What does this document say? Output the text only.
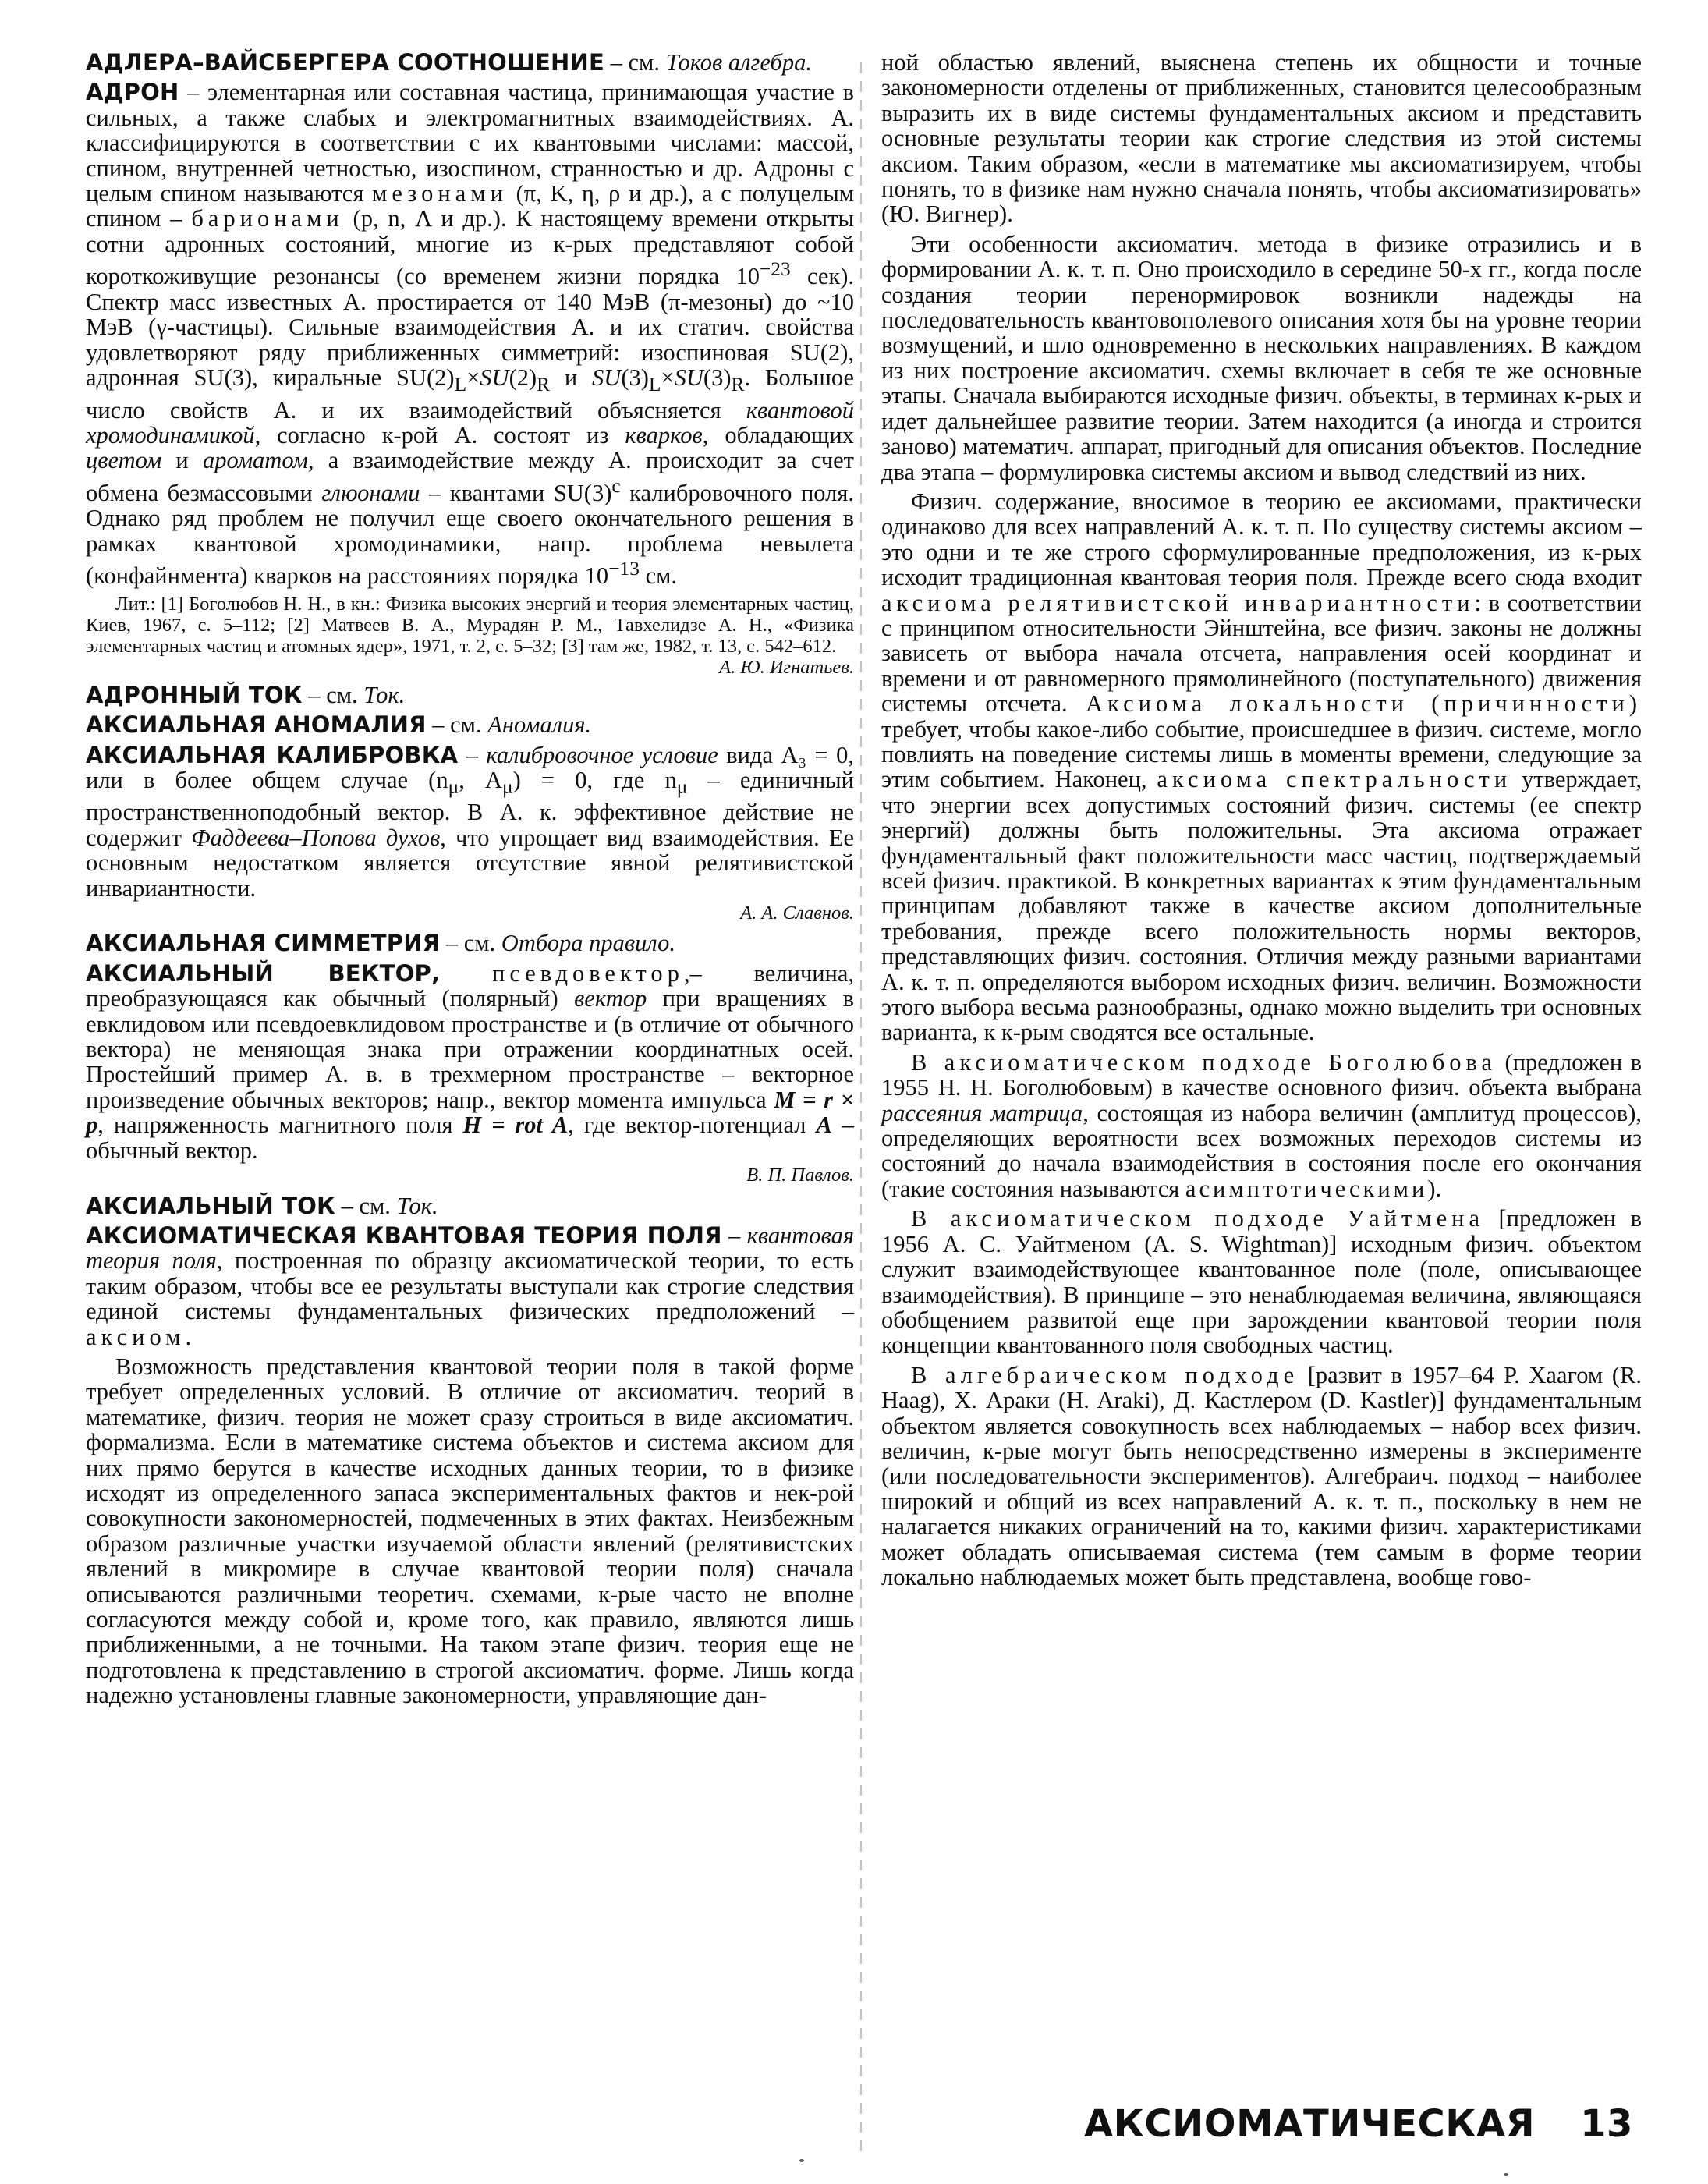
АДЛЕРА–ВАЙСБЕРГЕРА СООТНОШЕНИЕ – см. Токов алгебра.

АДРОН – элементарная или составная частица, принимающая участие в сильных, а также слабых и электромагнитных взаимодействиях. А. классифицируются в соответствии с их квантовыми числами: массой, спином, внутренней четностью, изоспином, странностью и др. Адроны с целым спином называются мезонами (π, K, η, ρ и др.), а с полуцелым спином – барионами (p, n, Λ и др.). К настоящему времени открыты сотни адронных состояний, многие из к-рых представляют собой короткоживущие резонансы (со временем жизни порядка $10^{-23}$ сек). Спектр масс известных А. простирается от 140 МэВ (π-мезоны) до ~10 МэВ (γ-частицы). Сильные взаимодействия А. и их статич. свойства удовлетворяют ряду приближенных симметрий: изоспиновая SU(2), адронная SU(3), киральные $SU(2)_L\times SU(2)_R$ и $SU(3)_L\times SU(3)_R$. Большое число свойств А. и их взаимодействий объясняется квантовой хромодинамикой, согласно к-рой А. состоят из кварков, обладающих цветом и ароматом, а взаимодействие между А. происходит за счет обмена безмассовыми глюонами – квантами $SU(3)^c$ калибровочного поля. Однако ряд проблем не получил еще своего окончательного решения в рамках квантовой хромодинамики, напр. проблема невылета (конфайнмента) кварков на расстояниях порядка $10^{-13}$ см.

Лит.: [1] Боголюбов Н. Н., в кн.: Физика высоких энергий и теория элементарных частиц, Киев, 1967, с. 5–112; [2] Матвеев В. А., Мурадян Р. М., Тавхелидзе А. Н., «Физика элементарных частиц и атомных ядер», 1971, т. 2, с. 5–32; [3] там же, 1982, т. 13, с. 542–612.
А. Ю. Игнатьев.

АДРОННЫЙ ТОК – см. Ток.

АКСИАЛЬНАЯ АНОМАЛИЯ – см. Аномалия.

АКСИАЛЬНАЯ КАЛИБРОВКА – калибровочное условие вида A₃ = 0, или в более общем случае ($n_\mu$, $A_\mu) = 0$, где $n_\mu$ – единичный пространственноподобный вектор. В А. к. эффективное действие не содержит Фаддеева–Попова духов, что упрощает вид взаимодействия. Ее основным недостатком является отсутствие явной релятивистской инвариантности.
А. А. Славнов.

АКСИАЛЬНАЯ СИММЕТРИЯ – см. Отбора правило.

АКСИАЛЬНЫЙ ВЕКТОР, псевдовектор,– величина, преобразующаяся как обычный (полярный) вектор при вращениях в евклидовом или псевдоевклидовом пространстве и (в отличие от обычного вектора) не меняющая знака при отражении координатных осей. Простейший пример А. в. в трехмерном пространстве – векторное произведение обычных векторов; напр., вектор момента импульса M = r × p, напряженность магнитного поля H = rot A, где вектор-потенциал A – обычный вектор.
В. П. Павлов.

АКСИАЛЬНЫЙ ТОК – см. Ток.

АКСИОМАТИЧЕСКАЯ КВАНТОВАЯ ТЕОРИЯ ПОЛЯ – квантовая теория поля, построенная по образцу аксиоматической теории, то есть таким образом, чтобы все ее результаты выступали как строгие следствия единой системы фундаментальных физических предположений – аксиом.

Возможность представления квантовой теории поля в такой форме требует определенных условий. В отличие от аксиоматич. теорий в математике, физич. теория не может сразу строиться в виде аксиоматич. формализма. Если в математике система объектов и система аксиом для них прямо берутся в качестве исходных данных теории, то в физике исходят из определенного запаса экспериментальных фактов и нек-рой совокупности закономерностей, подмеченных в этих фактах. Неизбежным образом различные участки изучаемой области явлений (релятивистских явлений в микромире в случае квантовой теории поля) сначала описываются различными теоретич. схемами, к-рые часто не вполне согласуются между собой и, кроме того, как правило, являются лишь приближенными, а не точными. На таком этапе физич. теория еще не подготовлена к представлению в строгой аксиоматич. форме. Лишь когда надежно установлены главные закономерности, управляющие дан-

ной областью явлений, выяснена степень их общности и точные закономерности отделены от приближенных, становится целесообразным выразить их в виде системы фундаментальных аксиом и представить основные результаты теории как строгие следствия из этой системы аксиом. Таким образом, «если в математике мы аксиоматизируем, чтобы понять, то в физике нам нужно сначала понять, чтобы аксиоматизировать» (Ю. Вигнер).

Эти особенности аксиоматич. метода в физике отразились и в формировании А. к. т. п. Оно происходило в середине 50-х гг., когда после создания теории перенормировок возникли надежды на последовательность квантовополевого описания хотя бы на уровне теории возмущений, и шло одновременно в нескольких направлениях. В каждом из них построение аксиоматич. схемы включает в себя те же основные этапы. Сначала выбираются исходные физич. объекты, в терминах к-рых и идет дальнейшее развитие теории. Затем находится (а иногда и строится заново) математич. аппарат, пригодный для описания объектов. Последние два этапа – формулировка системы аксиом и вывод следствий из них.

Физич. содержание, вносимое в теорию ее аксиомами, практически одинаково для всех направлений А. к. т. п. По существу системы аксиом – это одни и те же строго сформулированные предположения, из к-рых исходит традиционная квантовая теория поля. Прежде всего сюда входит аксиома релятивистской инвариантности: в соответствии с принципом относительности Эйнштейна, все физич. законы не должны зависеть от выбора начала отсчета, направления осей координат и времени и от равномерного прямолинейного (поступательного) движения системы отсчета. Аксиома локальности (причинности) требует, чтобы какое-либо событие, происшедшее в физич. системе, могло повлиять на поведение системы лишь в моменты времени, следующие за этим событием. Наконец, аксиома спектральности утверждает, что энергии всех допустимых состояний физич. системы (ее спектр энергий) должны быть положительны. Эта аксиома отражает фундаментальный факт положительности масс частиц, подтверждаемый всей физич. практикой. В конкретных вариантах к этим фундаментальным принципам добавляют также в качестве аксиом дополнительные требования, прежде всего положительность нормы векторов, представляющих физич. состояния. Отличия между разными вариантами А. к. т. п. определяются выбором исходных физич. величин. Возможности этого выбора весьма разнообразны, однако можно выделить три основных варианта, к к-рым сводятся все остальные.

В аксиоматическом подходе Боголюбова (предложен в 1955 Н. Н. Боголюбовым) в качестве основного физич. объекта выбрана рассеяния матрица, состоящая из набора величин (амплитуд процессов), определяющих вероятности всех возможных переходов системы из состояний до начала взаимодействия в состояния после его окончания (такие состояния называются асимптотическими).

В аксиоматическом подходе Уайтмена [предложен в 1956 А. С. Уайтменом (A. S. Wightman)] исходным физич. объектом служит взаимодействующее квантованное поле (поле, описывающее взаимодействия). В принципе – это ненаблюдаемая величина, являющаяся обобщением развитой еще при зарождении квантовой теории поля концепции квантованного поля свободных частиц.

В алгебраическом подходе [развит в 1957–64 Р. Хаагом (R. Haag), Х. Араки (H. Araki), Д. Кастлером (D. Kastler)] фундаментальным объектом является совокупность всех наблюдаемых – набор всех физич. величин, к-рые могут быть непосредственно измерены в эксперименте (или последовательности экспериментов). Алгебраич. подход – наиболее широкий и общий из всех направлений А. к. т. п., поскольку в нем не налагается никаких ограничений на то, какими физич. характеристиками может обладать описываемая система (тем самым в форме теории локально наблюдаемых может быть представлена, вообще гово-

АКСИОМАТИЧЕСКАЯ 13
